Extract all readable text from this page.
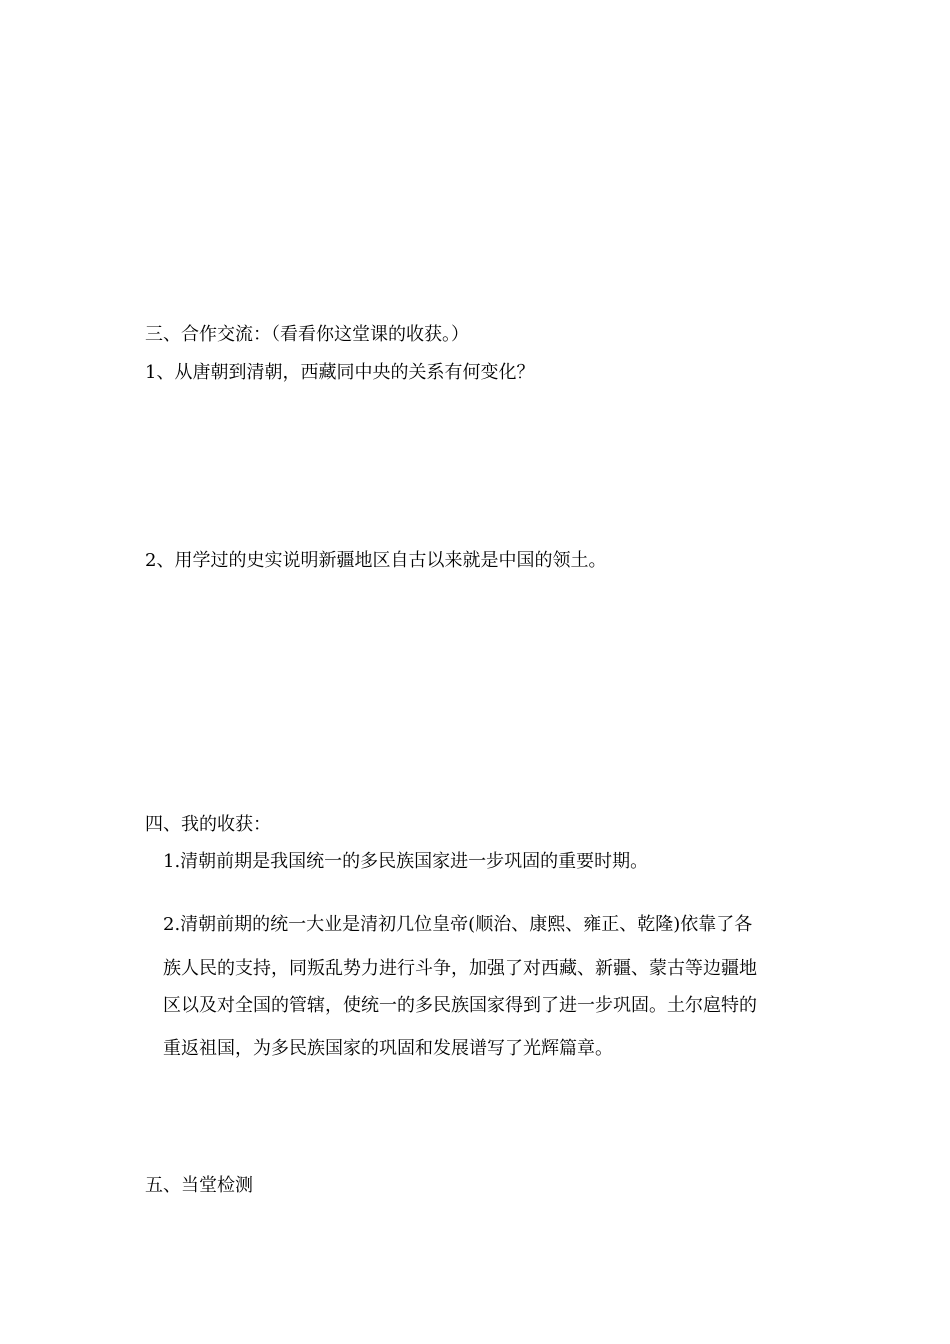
三、合作交流：（看看你这堂课的收获。）
1、从唐朝到清朝，西藏同中央的关系有何变化？
2、用学过的史实说明新疆地区自古以来就是中国的领土。
四、我的收获：
1.清朝前期是我国统一的多民族国家进一步巩固的重要时期。
2.清朝前期的统一大业是清初几位皇帝(顺治、康熙、雍正、乾隆)依靠了各
族人民的支持，同叛乱势力进行斗争，加强了对西藏、新疆、蒙古等边疆地
区以及对全国的管辖，使统一的多民族国家得到了进一步巩固。土尔扈特的
重返祖国，为多民族国家的巩固和发展谱写了光辉篇章。
五、当堂检测
